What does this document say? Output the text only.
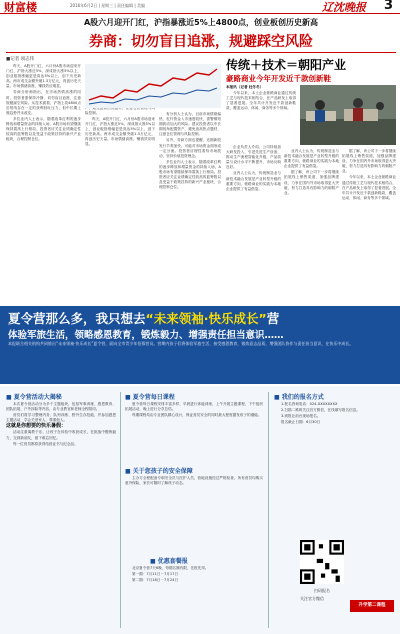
财富楼	2016年6月2日 | 星期三 | 责任编辑 | 美编	辽沈晚报 3
A股六月迎开门红，沪指暴涨近5%上4800点，创业板创历史新高
券商：切勿盲目追涨，规避踩空风险
■记者 项志伟

昨天，A股开门红，六月份A股市场迎来开门红，沪指大涨近5%，深成指大涨5%以上，创业板指涨幅更是高达5%以上，创下历史新高。两市成交金额突破1.3万亿元，再创历史天量。市场情绪高涨，赚钱效应明显。

券商分析师指出，在市场热情高涨的同时，投资者需保持冷静，切勿盲目追涨，注意规避踩空风险。从技术面看，沪指上攻4800点后短线存在一定的获利回吐压力，但中长期上涨趋势并未改变。

多位业内人士表示，随着改革红利的逐步释放和增量资金的持续入场，A股市场有望继续保持震荡上行格局。投资者应关注业绩确定性较高的蓝筹股以及受益于政策扶持的新兴产业板块，合理控制仓位。

险控制。

昨天，A股开门红，六月份A股市场迎来开门红，沪指大涨近5%，深成指大涨5%以上，创业板指涨幅更是高达5%以上，创下历史新高。两市成交金额突破1.3万亿元，再创历史天量。市场情绪高涨，赚钱效应明显。

有分析人士认为，目前市场情绪偏热，杠杆资金入市速度较快，需警惕短期波动加大的风险。建议投资者以中长期视角配置资产，避免追高热点题材，注意仓位管理与风险控制。

另外，券商方面也提醒，近期新股发行节奏加快，可能对市场资金面形成一定分流。投资者应理性看待市场波动，坚持价值投资理念。

多位业内人士表示，随着改革红利的逐步释放和增量资金的持续入场，A股市场有望继续保持震荡上行格局。投资者应关注业绩确定性较高的蓝筹股以及受益于政策扶持的新兴产业板块，合理控制仓位。

传统＋技术＝朝阳产业
豪路商业今年开发近千款创新鞋

本报讯（记者 杜冬冬）

今年以来，本土企业豪路商业通过传统工艺与现代技术相结合，在产品研发上取得了显著进展。全年共计开发近千款创新鞋款，覆盖运动、休闲、商务等多个领域。

企业负责人介绍，公司持续加大研发投入，引进先进生产设备，推动生产流程智能化升级，产品质量与设计水平不断提升，市场反响良好。

业内人士认为，传统制造业与新技术融合发展是产业转型升级的重要方向，豪路商业的实践为本地企业提供了有益借鉴。

业内人士认为，传统制造业与新技术融合发展是产业转型升级的重要方向，豪路商业的实践为本地企业提供了有益借鉴。

据了解，该公司下一步将继续拓展线上销售渠道，加强品牌建设，力争在国内外市场取得更大突破，努力打造具有影响力的朝阳产业。

据了解，该公司下一步将继续拓展线上销售渠道，加强品牌建设，力争在国内外市场取得更大突破，努力打造具有影响力的朝阳产业。

今年以来，本土企业豪路商业通过传统工艺与现代技术相结合，在产品研发上取得了显著进展。全年共计开发近千款创新鞋款，覆盖运动、休闲、商务等多个领域。

夏令营那么多，我只想去“未来领袖·快乐成长”营
体验军旅生活，领略感恩教育，锻炼毅力、增强责任担当意识……
本报联合相关机构共同推出“未来领袖·快乐成长”夏令营，面向全市青少年招募营员。营期内孩子们将体验军旅生活，接受感恩教育，锻炼意志品质，增强团队协作与责任担当意识，在快乐中成长。
■ 夏令营活动大揭秘

本次夏令营活动分为多个主题板块，包括军事训练、感恩教育、团队拓展、户外探险等内容，由专业教官和老师全程陪同。

营员们将学习整理内务、队列训练、野外生存技能，并参加感恩主题活动，学会关爱家人、尊重他人。

这就是你想要的快乐暑假：

活动注重寓教于乐，让孩子在体验中收获成长，在挑战中锻炼毅力，交到新朋友，留下难忘回忆。

每一位营员都将获得结营证书与纪念品。

■ 夏令营每日课程

夏令营每日课程安排丰富多样，早晨进行体能训练，上午开展主题课程，下午组织拓展活动，晚上进行分享总结。

每期课程均由专业团队精心设计，保证营员安全的同时最大程度激发孩子的潜能。

■ 关于您孩子的安全保障

主办方全程配备专职安全员与医护人员，营地设施经过严格检查，所有营员均购买意外保险，家长可随时了解孩子动态。

■ 优惠套餐报

北京夏令营7天6晚，每期名额有限，先报先得。

第一期：7月11日－7月17日

第二期：7月18日－7月24日

■ 我们的报名方式

1.报名咨询电话：024-XXXXXXXX

2.扫描二维码关注官方微信，在线填写报名信息。

3.到报社前台现场报名。

报名截止日期：6月30日

扫码报名
升学第二课程
关注官方微信
